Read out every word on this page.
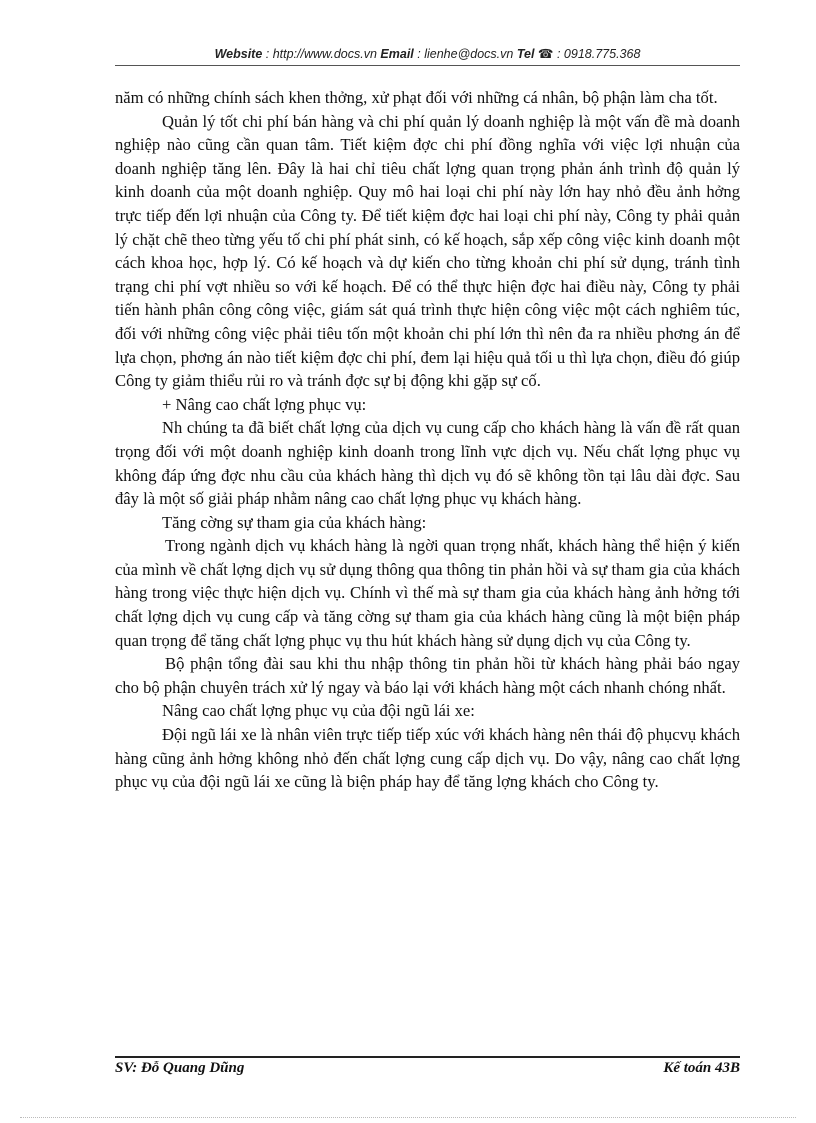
Website : http://www.docs.vn Email : lienhe@docs.vn Tel ☎ : 0918.775.368

năm có những chính sách khen thởng, xử phạt đối với những cá nhân, bộ phận làm cha tốt.

Quản lý tốt chi phí bán hàng và chi phí quản lý doanh nghiệp là một vấn đề mà doanh nghiệp nào cũng cần quan tâm. Tiết kiệm đợc chi phí đồng nghĩa với việc lợi nhuận của doanh nghiệp tăng lên. Đây là hai chỉ tiêu chất lợng quan trọng phản ánh trình độ quản lý kinh doanh của một doanh nghiệp. Quy mô hai loại chi phí này lớn hay nhỏ đều ảnh hởng trực tiếp đến lợi nhuận của Công ty. Để tiết kiệm đợc hai loại chi phí này, Công ty phải quản lý chặt chẽ theo từng yếu tố chi phí phát sinh, có kế hoạch, sắp xếp công việc kinh doanh một cách khoa học, hợp lý. Có kế hoạch và dự kiến cho từng khoản chi phí sử dụng, tránh tình trạng chi phí vợt nhiều so với kế hoạch. Để có thể thực hiện đợc hai điều này, Công ty phải tiến hành phân công công việc, giám sát quá trình thực hiện công việc một cách nghiêm túc, đối với những công việc phải tiêu tốn một khoản chi phí lớn thì nên đa ra nhiều phơng án để lựa chọn, phơng án nào tiết kiệm đợc chi phí, đem lại hiệu quả tối u thì lựa chọn, điều đó giúp Công ty giảm thiểu rủi ro và tránh đợc sự bị động khi gặp sự cố.

+ Nâng cao chất lợng phục vụ:

Nh chúng ta đã biết chất lợng của dịch vụ cung cấp cho khách hàng là vấn đề rất quan trọng đối với một doanh nghiệp kinh doanh trong lĩnh vực dịch vụ. Nếu chất lợng phục vụ không đáp ứng đợc nhu cầu của khách hàng thì dịch vụ đó sẽ không tồn tại lâu dài đợc. Sau đây là một số giải pháp nhằm nâng cao chất lợng phục vụ khách hàng.

Tăng cờng sự tham gia của khách hàng:

Trong ngành dịch vụ khách hàng là ngời quan trọng nhất, khách hàng thể hiện ý kiến của mình về chất lợng dịch vụ sử dụng thông qua thông tin phản hồi và sự tham gia của khách hàng trong việc thực hiện dịch vụ. Chính vì thế mà sự tham gia của khách hàng ảnh hởng tới chất lợng dịch vụ cung cấp và tăng cờng sự tham gia của khách hàng cũng là một biện pháp quan trọng để tăng chất lợng phục vụ thu hút khách hàng sử dụng dịch vụ của Công ty.

Bộ phận tổng đài sau khi thu nhập thông tin phản hồi từ khách hàng phải báo ngay cho bộ phận chuyên trách xử lý ngay và báo lại với khách hàng một cách nhanh chóng nhất.

Nâng cao chất lợng phục vụ của đội ngũ lái xe:

Đội ngũ lái xe là nhân viên trực tiếp tiếp xúc với khách hàng nên thái độ phụcvụ khách hàng cũng ảnh hởng không nhỏ đến chất lợng cung cấp dịch vụ. Do vậy, nâng cao chất lợng phục vụ của đội ngũ lái xe cũng là biện pháp hay để tăng lợng khách cho Công ty.

SV: Đỗ Quang Dũng	Kế toán 43B
